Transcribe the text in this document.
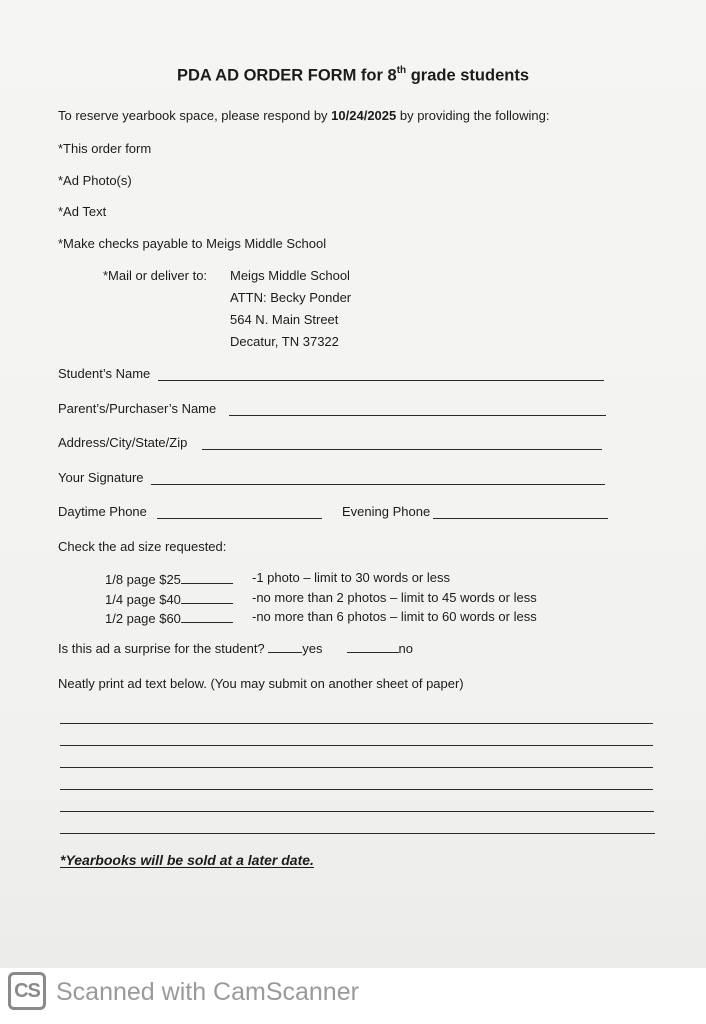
PDA AD ORDER FORM for 8th grade students
To reserve yearbook space, please respond by 10/24/2025 by providing the following:
*This order form
*Ad Photo(s)
*Ad Text
*Make checks payable to Meigs Middle School
*Mail or deliver to: Meigs Middle School
ATTN: Becky Ponder
564 N. Main Street
Decatur, TN 37322
Student’s Name
Parent’s/Purchaser’s Name
Address/City/State/Zip
Your Signature
Daytime Phone	Evening Phone
Check the ad size requested:
1/8 page $25	-1 photo – limit to 30 words or less
1/4 page $40	-no more than 2 photos – limit to 45 words or less
1/2 page $60	-no more than 6 photos – limit to 60 words or less
Is this ad a surprise for the student?	yes	no
Neatly print ad text below. (You may submit on another sheet of paper)
*Yearbooks will be sold at a later date.
CS Scanned with CamScanner
